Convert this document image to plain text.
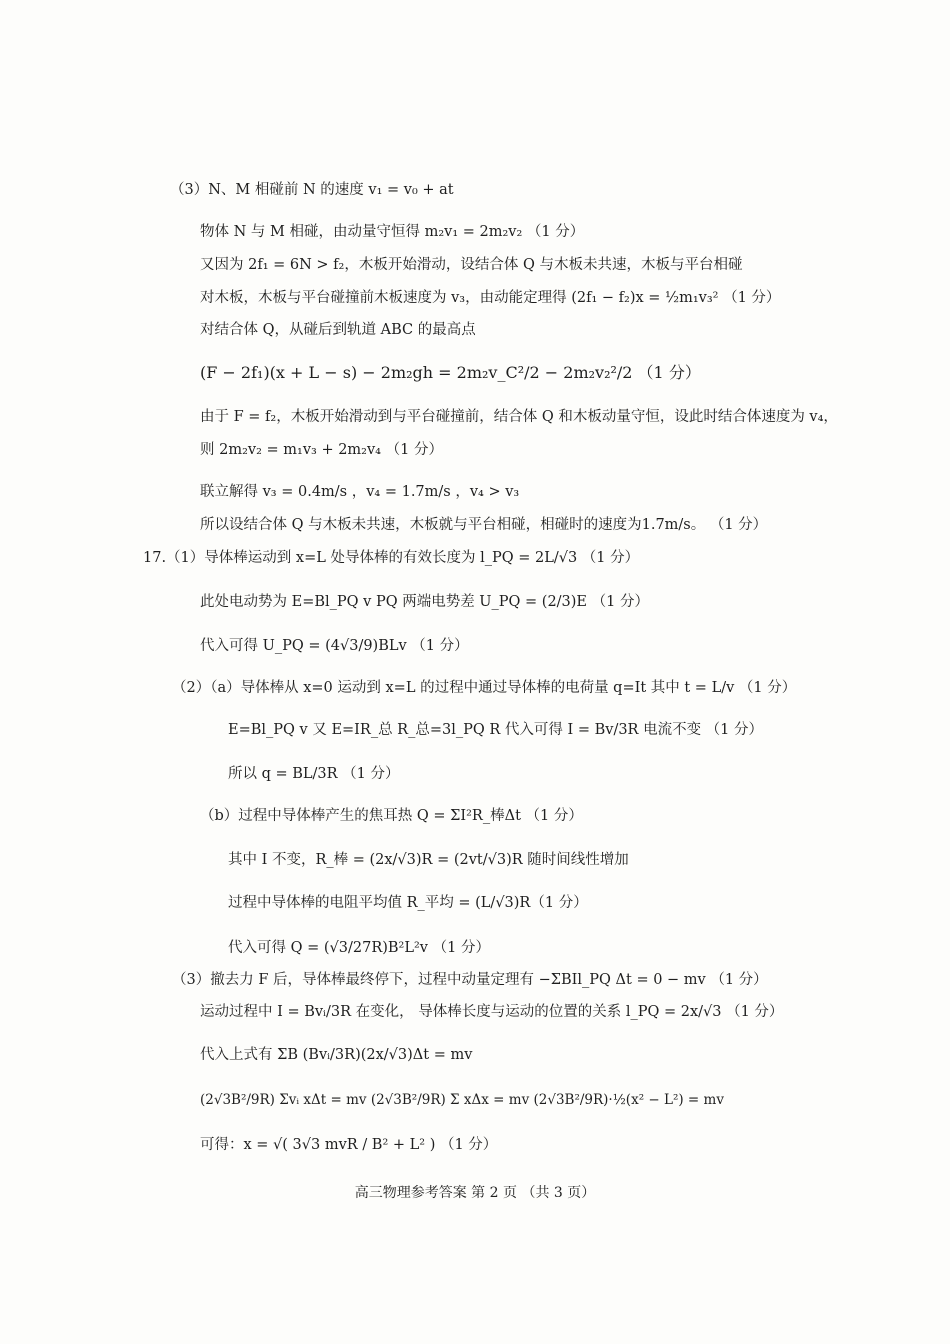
（3）N、M 相碰前 N 的速度 v₁ = v₀ + at
物体 N 与 M 相碰，由动量守恒得 m₂v₁ = 2m₂v₂ （1 分）
又因为 2f₁ = 6N > f₂，木板开始滑动，设结合体 Q 与木板未共速，木板与平台相碰
对木板，木板与平台碰撞前木板速度为 v₃，由动能定理得 (2f₁ − f₂)x = ½m₁v₃² （1 分）
对结合体 Q，从碰后到轨道 ABC 的最高点
(F − 2f₁)(x + L − s) − 2m₂gh = 2m₂v_C²/2 − 2m₂v₂²/2 （1 分）
由于 F = f₂，木板开始滑动到与平台碰撞前，结合体 Q 和木板动量守恒，设此时结合体速度为 v₄，
则 2m₂v₂ = m₁v₃ + 2m₂v₄ （1 分）
联立解得 v₃ = 0.4m/s ，v₄ = 1.7m/s ，v₄ > v₃
所以设结合体 Q 与木板未共速，木板就与平台相碰，相碰时的速度为1.7m/s。 （1 分）
17.（1）导体棒运动到 x=L 处导体棒的有效长度为 l_PQ = 2L/√3 （1 分）
此处电动势为 E=Bl_PQ v PQ 两端电势差 U_PQ = (2/3)E （1 分）
代入可得 U_PQ = (4√3/9)BLv （1 分）
（2）（a）导体棒从 x=0 运动到 x=L 的过程中通过导体棒的电荷量 q=It 其中 t = L/v （1 分）
E=Bl_PQ v 又 E=IR_总 R_总=3l_PQ R 代入可得 I = Bv/3R 电流不变 （1 分）
所以 q = BL/3R （1 分）
（b）过程中导体棒产生的焦耳热 Q = ΣI²R_棒Δt （1 分）
其中 I 不变，R_棒 = (2x/√3)R = (2vt/√3)R 随时间线性增加
过程中导体棒的电阻平均值 R_平均 = (L/√3)R（1 分）
代入可得 Q = (√3/27R)B²L²v （1 分）
（3）撤去力 F 后，导体棒最终停下，过程中动量定理有 −ΣBIl_PQ Δt = 0 − mv （1 分）
运动过程中 I = Bvᵢ/3R 在变化， 导体棒长度与运动的位置的关系 l_PQ = 2x/√3 （1 分）
代入上式有 ΣB (Bvᵢ/3R)(2x/√3)Δt = mv
(2√3B²/9R) Σvᵢ xΔt = mv (2√3B²/9R) Σ xΔx = mv (2√3B²/9R)·½(x² − L²) = mv
可得：x = √( 3√3 mvR / B² + L² ) （1 分）
高三物理参考答案 第 2 页 （共 3 页）
